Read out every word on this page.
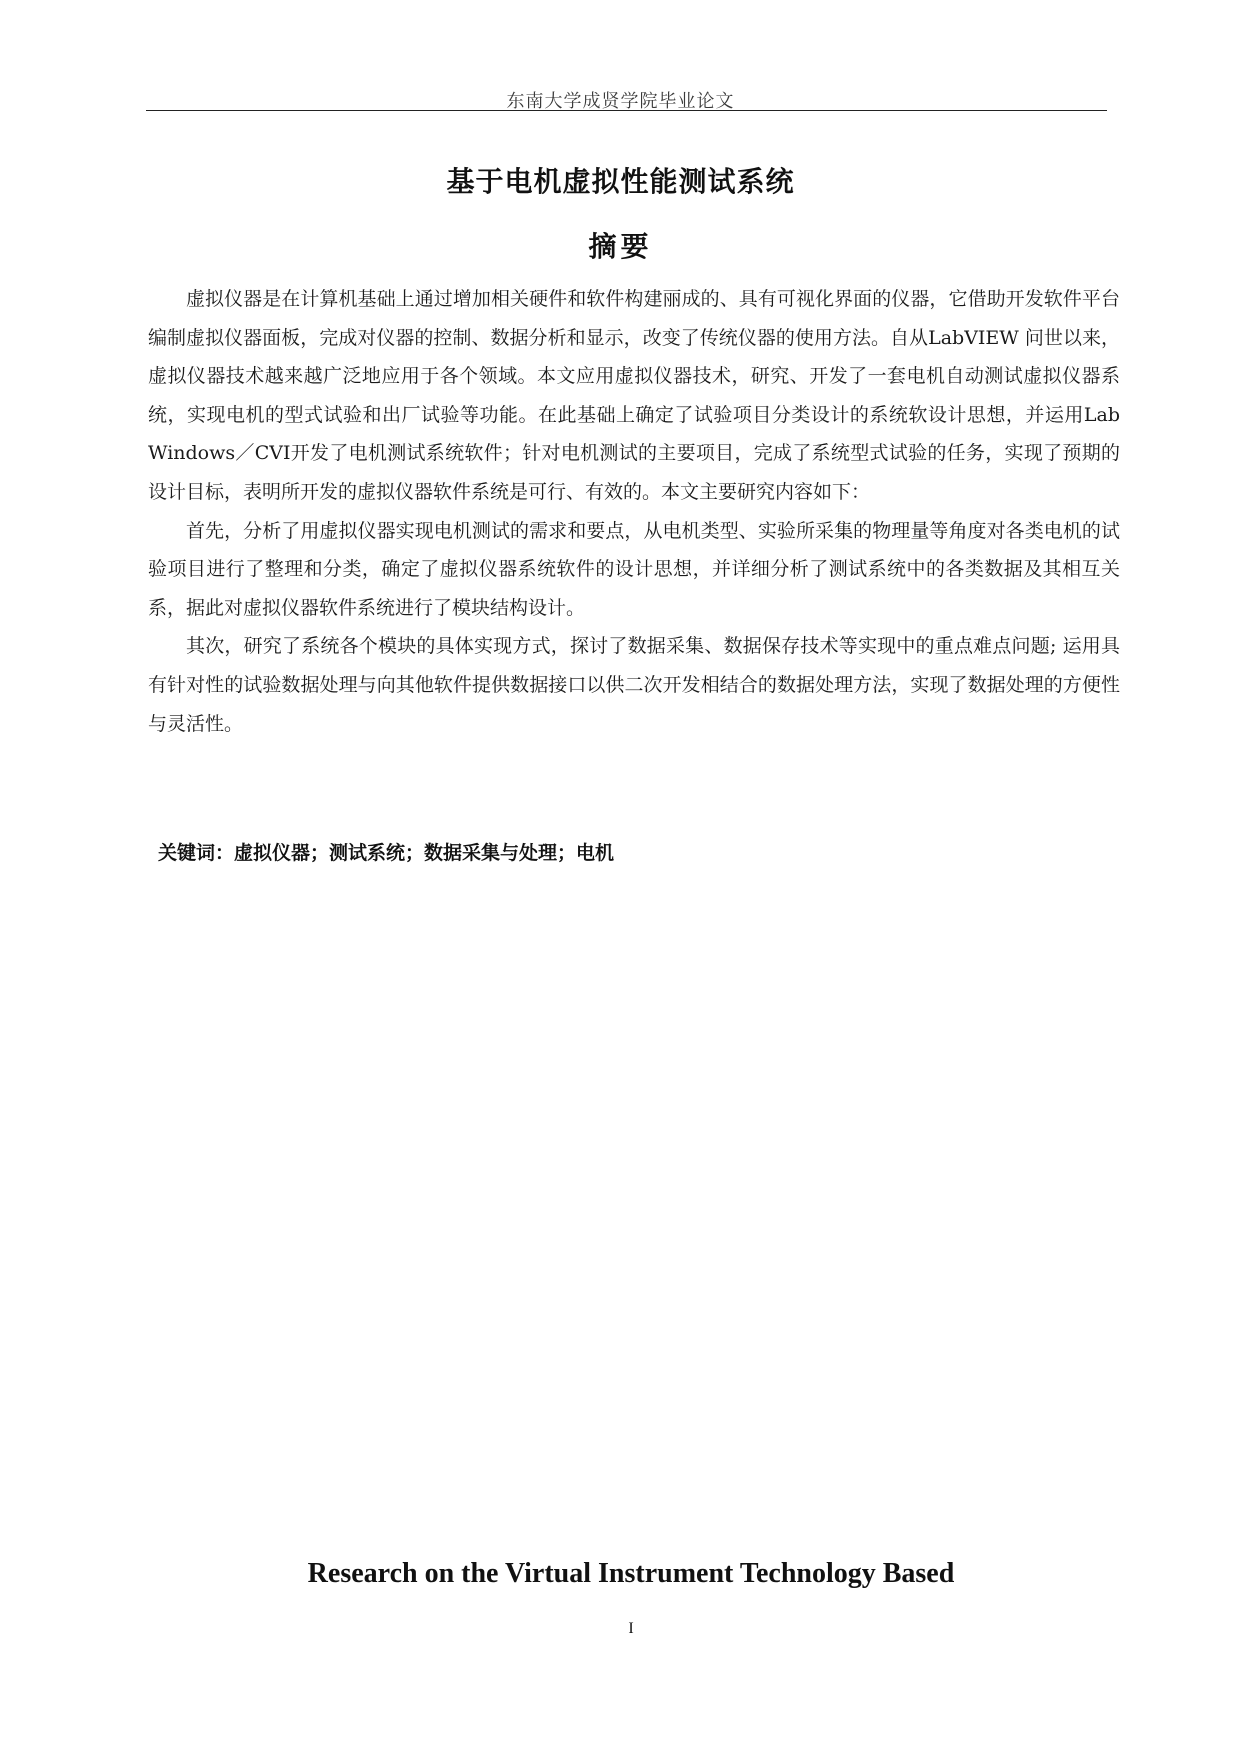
东南大学成贤学院毕业论文
基于电机虚拟性能测试系统
摘要

虚拟仪器是在计算机基础上通过增加相关硬件和软件构建丽成的、具有可视化界面的仪器，它借助开发软件平台编制虚拟仪器面板，完成对仪器的控制、数据分析和显示，改变了传统仪器的使用方法。自从LabVIEW 问世以来，虚拟仪器技术越来越广泛地应用于各个领域。本文应用虚拟仪器技术，研究、开发了一套电机自动测试虚拟仪器系统，实现电机的型式试验和出厂试验等功能。在此基础上确定了试验项目分类设计的系统软设计思想，并运用Lab Windows／CVI开发了电机测试系统软件；针对电机测试的主要项目，完成了系统型式试验的任务，实现了预期的设计目标，表明所开发的虚拟仪器软件系统是可行、有效的。本文主要研究内容如下：

首先，分析了用虚拟仪器实现电机测试的需求和要点，从电机类型、实验所采集的物理量等角度对各类电机的试验项目进行了整理和分类，确定了虚拟仪器系统软件的设计思想，并详细分析了测试系统中的各类数据及其相互关系，据此对虚拟仪器软件系统进行了模块结构设计。

其次，研究了系统各个模块的具体实现方式，探讨了数据采集、数据保存技术等实现中的重点难点问题; 运用具有针对性的试验数据处理与向其他软件提供数据接口以供二次开发相结合的数据处理方法，实现了数据处理的方便性与灵活性。

关键词：虚拟仪器；测试系统；数据采集与处理；电机
Research on the Virtual Instrument Technology Based
I
